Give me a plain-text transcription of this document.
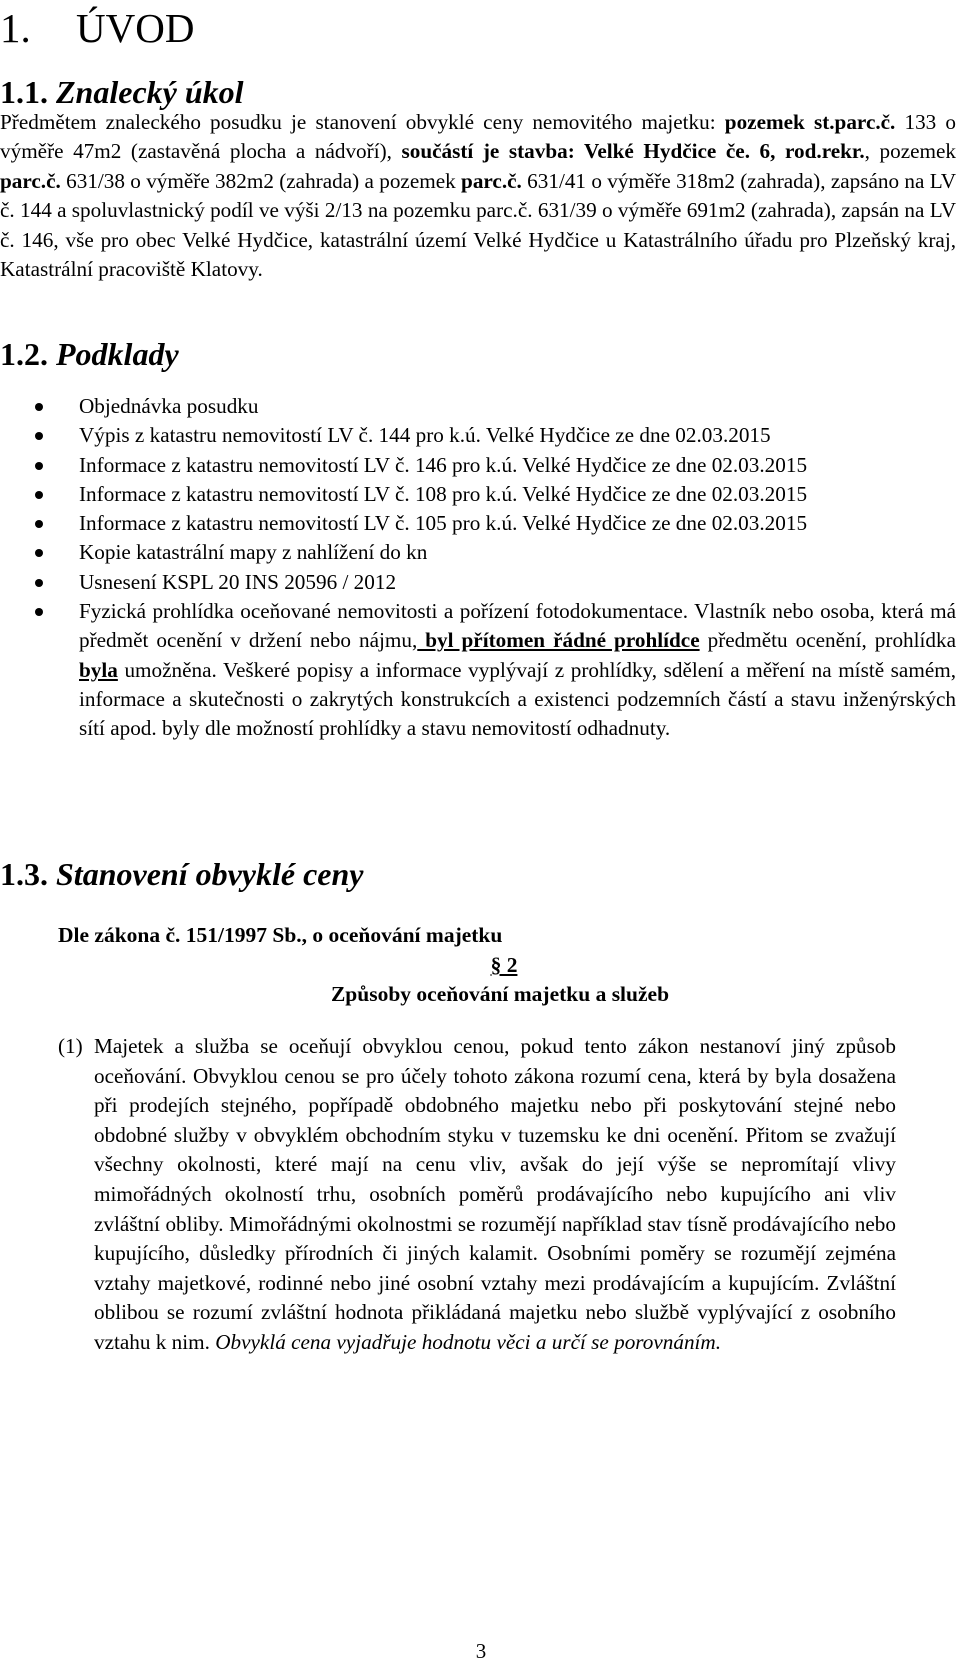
1. ÚVOD
1.1. Znalecký úkol
Předmětem znaleckého posudku je stanovení obvyklé ceny nemovitého majetku: pozemek st.parc.č. 133 o výměře 47m2 (zastavěná plocha a nádvoří), součástí je stavba: Velké Hydčice če. 6, rod.rekr., pozemek parc.č. 631/38 o výměře 382m2 (zahrada) a pozemek parc.č. 631/41 o výměře 318m2 (zahrada), zapsáno na LV č. 144 a spoluvlastnický podíl ve výši 2/13 na pozemku parc.č. 631/39 o výměře 691m2 (zahrada), zapsán na LV č. 146, vše pro obec Velké Hydčice, katastrální území Velké Hydčice u Katastrálního úřadu pro Plzeňský kraj, Katastrální pracoviště Klatovy.
1.2. Podklady
Objednávka posudku
Výpis z katastru nemovitostí LV č. 144 pro k.ú. Velké Hydčice ze dne 02.03.2015
Informace z katastru nemovitostí LV č. 146 pro k.ú. Velké Hydčice ze dne 02.03.2015
Informace z katastru nemovitostí LV č. 108 pro k.ú. Velké Hydčice ze dne 02.03.2015
Informace z katastru nemovitostí LV č. 105 pro k.ú. Velké Hydčice ze dne 02.03.2015
Kopie katastrální mapy z nahlížení do kn
Usnesení KSPL 20 INS 20596 / 2012
Fyzická prohlídka oceňované nemovitosti a pořízení fotodokumentace. Vlastník nebo osoba, která má předmět ocenění v držení nebo nájmu, byl přítomen řádné prohlídce předmětu ocenění, prohlídka byla umožněna. Veškeré popisy a informace vyplývají z prohlídky, sdělení a měření na místě samém, informace a skutečnosti o zakrytých konstrukcích a existenci podzemních částí a stavu inženýrských sítí apod. byly dle možností prohlídky a stavu nemovitostí odhadnuty.
1.3. Stanovení obvyklé ceny
Dle zákona č. 151/1997 Sb., o oceňování majetku
§ 2
Způsoby oceňování majetku a služeb
(1) Majetek a služba se oceňují obvyklou cenou, pokud tento zákon nestanoví jiný způsob oceňování. Obvyklou cenou se pro účely tohoto zákona rozumí cena, která by byla dosažena při prodejích stejného, popřípadě obdobného majetku nebo při poskytování stejné nebo obdobné služby v obvyklém obchodním styku v tuzemsku ke dni ocenění. Přitom se zvažují všechny okolnosti, které mají na cenu vliv, avšak do její výše se nepromítají vlivy mimořádných okolností trhu, osobních poměrů prodávajícího nebo kupujícího ani vliv zvláštní obliby. Mimořádnými okolnostmi se rozumějí například stav tísně prodávajícího nebo kupujícího, důsledky přírodních či jiných kalamit. Osobními poměry se rozumějí zejména vztahy majetkové, rodinné nebo jiné osobní vztahy mezi prodávajícím a kupujícím. Zvláštní oblibou se rozumí zvláštní hodnota přikládaná majetku nebo službě vyplývající z osobního vztahu k nim. Obvyklá cena vyjadřuje hodnotu věci a určí se porovnáním.
3
